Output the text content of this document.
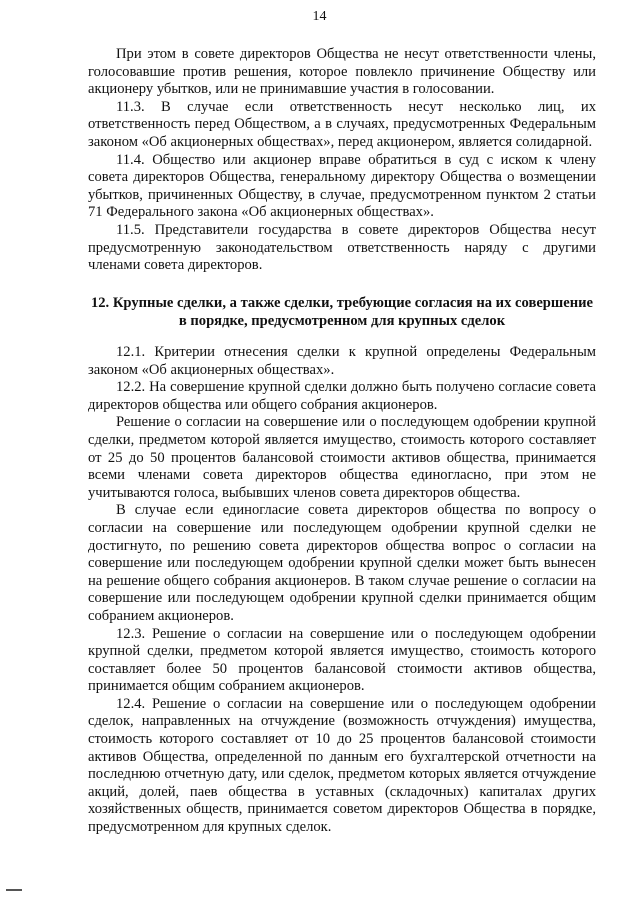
14

При этом в совете директоров Общества не несут ответственности члены, голосовавшие против решения, которое повлекло причинение Обществу или акционеру убытков, или не принимавшие участия в голосовании.

11.3. В случае если ответственность несут несколько лиц, их ответственность перед Обществом, а в случаях, предусмотренных Федеральным законом «Об акционерных обществах», перед акционером, является солидарной.

11.4. Общество или акционер вправе обратиться в суд с иском к члену совета директоров Общества, генеральному директору Общества о возмещении убытков, причиненных Обществу, в случае, предусмотренном пунктом 2 статьи 71 Федерального закона «Об акционерных обществах».

11.5. Представители государства в совете директоров Общества несут предусмотренную законодательством ответственность наряду с другими членами совета директоров.

12. Крупные сделки, а также сделки, требующие согласия на их совершение в порядке, предусмотренном для крупных сделок

12.1. Критерии отнесения сделки к крупной определены Федеральным законом «Об акционерных обществах».

12.2. На совершение крупной сделки должно быть получено согласие совета директоров общества или общего собрания акционеров.

Решение о согласии на совершение или о последующем одобрении крупной сделки, предметом которой является имущество, стоимость которого составляет от 25 до 50 процентов балансовой стоимости активов общества, принимается всеми членами совета директоров общества единогласно, при этом не учитываются голоса, выбывших членов совета директоров общества.

В случае если единогласие совета директоров общества по вопросу о согласии на совершение или последующем одобрении крупной сделки не достигнуто, по решению совета директоров общества вопрос о согласии на совершение или последующем одобрении крупной сделки может быть вынесен на решение общего собрания акционеров. В таком случае решение о согласии на совершение или последующем одобрении крупной сделки принимается общим собранием акционеров.

12.3. Решение о согласии на совершение или о последующем одобрении крупной сделки, предметом которой является имущество, стоимость которого составляет более 50 процентов балансовой стоимости активов общества, принимается общим собранием акционеров.

12.4. Решение о согласии на совершение или о последующем одобрении сделок, направленных на отчуждение (возможность отчуждения) имущества, стоимость которого составляет от 10 до 25 процентов балансовой стоимости активов Общества, определенной по данным его бухгалтерской отчетности на последнюю отчетную дату, или сделок, предметом которых является отчуждение акций, долей, паев общества в уставных (складочных) капиталах других хозяйственных обществ, принимается советом директоров Общества в порядке, предусмотренном для крупных сделок.
